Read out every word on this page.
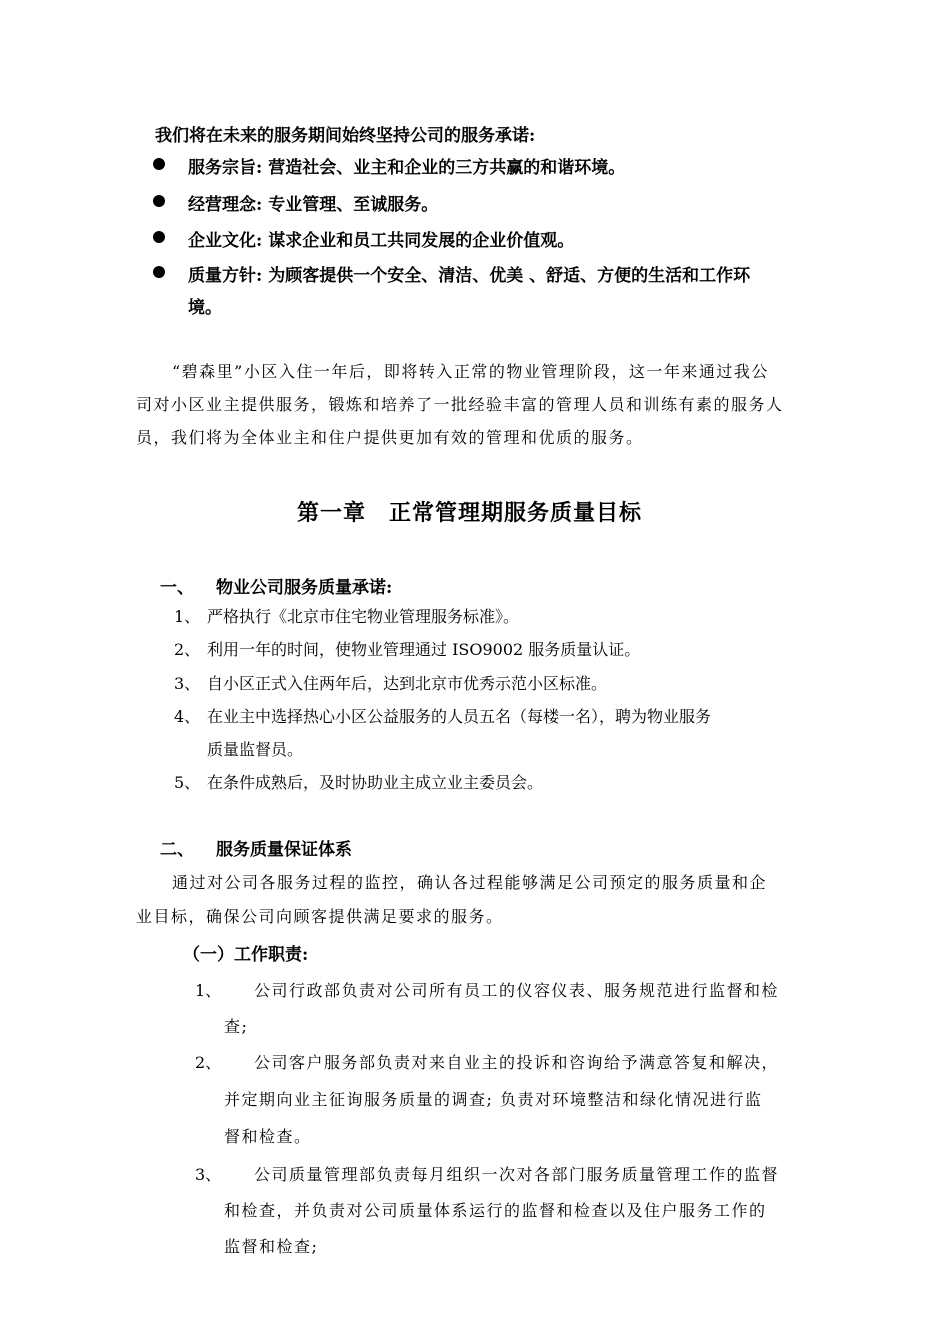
我们将在未来的服务期间始终坚持公司的服务承诺:
服务宗旨: 营造社会、业主和企业的三方共赢的和谐环境。
经营理念: 专业管理、至诚服务。
企业文化: 谋求企业和员工共同发展的企业价值观。
质量方针: 为顾客提供一个安全、清洁、优美 、舒适、方便的生活和工作环
境。
“碧森里”小区入住一年后，即将转入正常的物业管理阶段，这一年来通过我公
司对小区业主提供服务，锻炼和培养了一批经验丰富的管理人员和训练有素的服务人
员，我们将为全体业主和住户提供更加有效的管理和优质的服务。
第一章　正常管理期服务质量目标
一、 物业公司服务质量承诺:
1、 严格执行《北京市住宅物业管理服务标准》。
2、 利用一年的时间，使物业管理通过 ISO9002 服务质量认证。
3、 自小区正式入住两年后，达到北京市优秀示范小区标准。
4、 在业主中选择热心小区公益服务的人员五名（每楼一名），聘为物业服务
质量监督员。
5、 在条件成熟后，及时协助业主成立业主委员会。
二、 服务质量保证体系
通过对公司各服务过程的监控，确认各过程能够满足公司预定的服务质量和企
业目标，确保公司向顾客提供满足要求的服务。
（一）工作职责:
1、 公司行政部负责对公司所有员工的仪容仪表、服务规范进行监督和检
查;
2、 公司客户服务部负责对来自业主的投诉和咨询给予满意答复和解决，
并定期向业主征询服务质量的调查; 负责对环境整洁和绿化情况进行监
督和检查。
3、 公司质量管理部负责每月组织一次对各部门服务质量管理工作的监督
和检查，并负责对公司质量体系运行的监督和检查以及住户服务工作的
监督和检查;
